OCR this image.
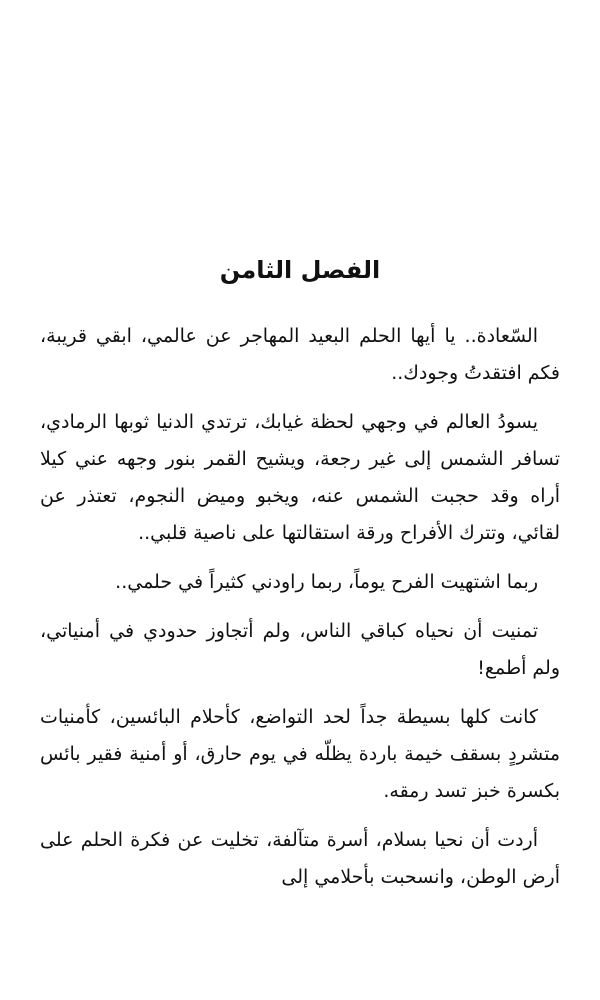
الفصل الثامن

السّعادة.. يا أيها الحلم البعيد المهاجر عن عالمي، ابقي قريبة، فكم افتقدتُ وجودك..

يسودُ العالم في وجهي لحظة غيابك، ترتدي الدنيا ثوبها الرمادي، تسافر الشمس إلى غير رجعة، ويشيح القمر بنور وجهه عني كيلا أراه وقد حجبت الشمس عنه، ويخبو وميض النجوم، تعتذر عن لقائي، وتترك الأفراح ورقة استقالتها على ناصية قلبي..

ربما اشتهيت الفرح يوماً، ربما راودني كثيراً في حلمي..

تمنيت أن نحياه كباقي الناس، ولم أتجاوز حدودي في أمنياتي، ولم أطمع!

كانت كلها بسيطة جداً لحد التواضع، كأحلام البائسين، كأمنيات متشردٍ بسقف خيمة باردة يظلّه في يوم حارق، أو أمنية فقير بائس بكسرة خبز تسد رمقه.

أردت أن نحيا بسلام، أسرة متآلفة، تخليت عن فكرة الحلم على أرض الوطن، وانسحبت بأحلامي إلى
